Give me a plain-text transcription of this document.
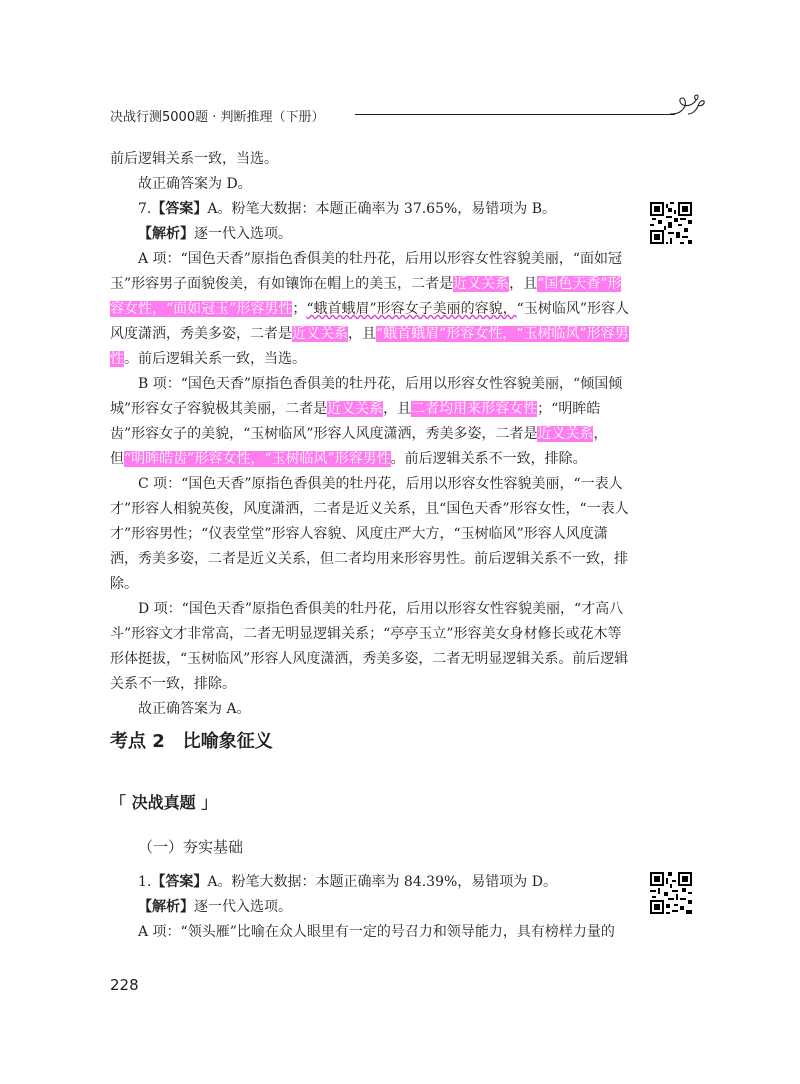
决战行测5000题 · 判断推理（下册）

前后逻辑关系一致，当选。

故正确答案为 D。

7.【答案】A。粉笔大数据：本题正确率为 37.65%，易错项为 B。

【解析】逐一代入选项。

A 项：“国色天香”原指色香俱美的牡丹花，后用以形容女性容貌美丽，“面如冠玉”形容男子面貌俊美，有如镶饰在帽上的美玉，二者是近义关系，且“国色天香”形容女性，“面如冠玉”形容男性；“蛾首蛾眉”形容女子美丽的容貌，“玉树临风”形容人风度潇洒，秀美多姿，二者是近义关系，且“蛾首蛾眉”形容女性，“玉树临风”形容男性。前后逻辑关系一致，当选。

B 项：“国色天香”原指色香俱美的牡丹花，后用以形容女性容貌美丽，“倾国倾城”形容女子容貌极其美丽，二者是近义关系，且二者均用来形容女性；“明眸皓齿”形容女子的美貌，“玉树临风”形容人风度潇洒，秀美多姿，二者是近义关系，但“明眸皓齿”形容女性，“玉树临风”形容男性。前后逻辑关系不一致，排除。

C 项：“国色天香”原指色香俱美的牡丹花，后用以形容女性容貌美丽，“一表人才”形容人相貌英俊，风度潇洒，二者是近义关系，且“国色天香”形容女性，“一表人才”形容男性；“仪表堂堂”形容人容貌、风度庄严大方，“玉树临风”形容人风度潇洒，秀美多姿，二者是近义关系，但二者均用来形容男性。前后逻辑关系不一致，排除。

D 项：“国色天香”原指色香俱美的牡丹花，后用以形容女性容貌美丽，“才高八斗”形容文才非常高，二者无明显逻辑关系；“亭亭玉立”形容美女身材修长或花木等形体挺拔，“玉树临风”形容人风度潇洒，秀美多姿，二者无明显逻辑关系。前后逻辑关系不一致，排除。

故正确答案为 A。

考点 2　比喻象征义
「 决战真题 」
（一）夯实基础

1.【答案】A。粉笔大数据：本题正确率为 84.39%，易错项为 D。

【解析】逐一代入选项。

A 项：“领头雁”比喻在众人眼里有一定的号召力和领导能力，具有榜样力量的

228
